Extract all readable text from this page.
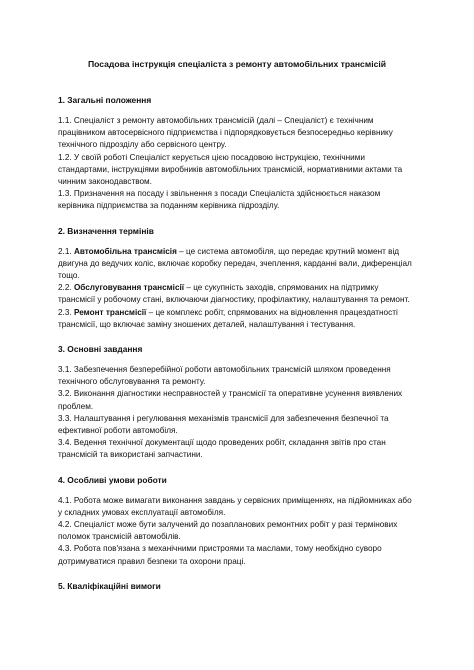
Посадова інструкція спеціаліста з ремонту автомобільних трансмісій
1. Загальні положення

1.1. Спеціаліст з ремонту автомобільних трансмісій (далі – Спеціаліст) є технічним працівником автосервісного підприємства і підпорядковується безпосередньо керівнику технічного підрозділу або сервісного центру.

1.2. У своїй роботі Спеціаліст керується цією посадовою інструкцією, технічними стандартами, інструкціями виробників автомобільних трансмісій, нормативними актами та чинним законодавством.

1.3. Призначення на посаду і звільнення з посади Спеціаліста здійснюється наказом керівника підприємства за поданням керівника підрозділу.

2. Визначення термінів

2.1. Автомобільна трансмісія – це система автомобіля, що передає крутний момент від двигуна до ведучих коліс, включає коробку передач, зчеплення, карданні вали, диференціал тощо.

2.2. Обслуговування трансмісії – це сукупність заходів, спрямованих на підтримку трансмісії у робочому стані, включаючи діагностику, профілактику, налаштування та ремонт.

2.3. Ремонт трансмісії – це комплекс робіт, спрямованих на відновлення працездатності трансмісії, що включає заміну зношених деталей, налаштування і тестування.

3. Основні завдання

3.1. Забезпечення безперебійної роботи автомобільних трансмісій шляхом проведення технічного обслуговування та ремонту.

3.2. Виконання діагностики несправностей у трансмісії та оперативне усунення виявлених проблем.

3.3. Налаштування і регулювання механізмів трансмісії для забезпечення безпечної та ефективної роботи автомобіля.

3.4. Ведення технічної документації щодо проведених робіт, складання звітів про стан трансмісій та використані запчастини.

4. Особливі умови роботи

4.1. Робота може вимагати виконання завдань у сервісних приміщеннях, на підйомниках або у складних умовах експлуатації автомобіля.

4.2. Спеціаліст може бути залучений до позапланових ремонтних робіт у разі термінових поломок трансмісій автомобілів.

4.3. Робота пов'язана з механічними пристроями та маслами, тому необхідно суворо дотримуватися правил безпеки та охорони праці.

5. Кваліфікаційні вимоги
